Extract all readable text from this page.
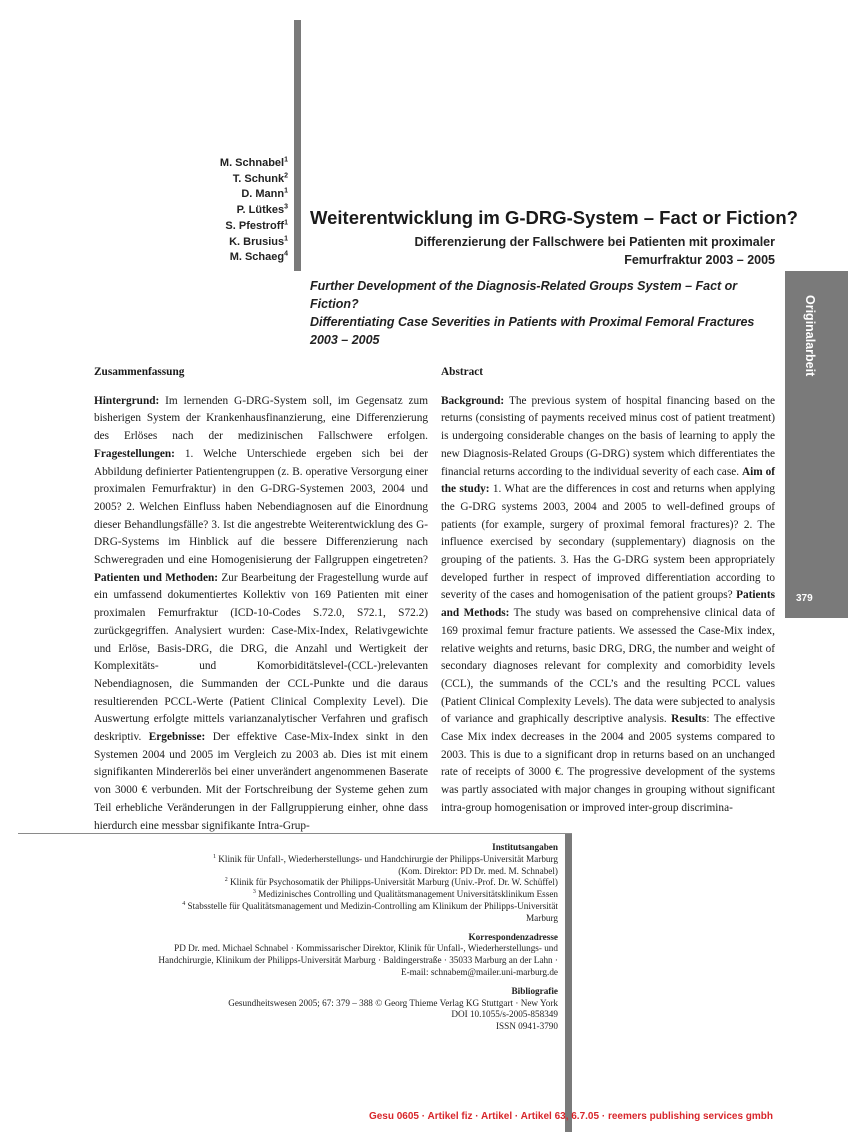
M. Schnabel$^1$
T. Schunk$^2$
D. Mann$^1$
P. Lütkes$^3$
S. Pfestroff$^1$
K. Brusius$^1$
M. Schaeg$^4$
Weiterentwicklung im G-DRG-System – Fact or Fiction?
Differenzierung der Fallschwere bei Patienten mit proximaler
Femurfraktur 2003 – 2005
Further Development of the Diagnosis-Related Groups System – Fact or Fiction?
Differentiating Case Severities in Patients with Proximal Femoral Fractures
2003 – 2005	Originalarbeit
379
Zusammenfassung

Hintergrund: Im lernenden G-DRG-System soll, im Gegensatz zum bisherigen System der Krankenhausfinanzierung, eine Differenzierung des Erlöses nach der medizinischen Fallschwere erfolgen. Fragestellungen: 1. Welche Unterschiede ergeben sich bei der Abbildung definierter Patientengruppen (z. B. operative Versorgung einer proximalen Femurfraktur) in den G-DRG-Systemen 2003, 2004 und 2005? 2. Welchen Einfluss haben Nebendiagnosen auf die Einordnung dieser Behandlungsfälle? 3. Ist die angestrebte Weiterentwicklung des G-DRG-Systems im Hinblick auf die bessere Differenzierung nach Schweregraden und eine Homogenisierung der Fallgruppen eingetreten? Patienten und Methoden: Zur Bearbeitung der Fragestellung wurde auf ein umfassend dokumentiertes Kollektiv von 169 Patienten mit einer proximalen Femurfraktur (ICD-10-Codes S.72.0, S72.1, S72.2) zurückgegriffen. Analysiert wurden: Case-Mix-Index, Relativgewichte und Erlöse, Basis-DRG, die DRG, die Anzahl und Wertigkeit der Komplexitäts- und Komorbiditätslevel-(CCL-)relevanten Nebendiagnosen, die Summanden der CCL-Punkte und die daraus resultierenden PCCL-Werte (Patient Clinical Complexity Level). Die Auswertung erfolgte mittels varianzanalytischer Verfahren und grafisch deskriptiv. Ergebnisse: Der effektive Case-Mix-Index sinkt in den Systemen 2004 und 2005 im Vergleich zu 2003 ab. Dies ist mit einem signifikanten Mindererlös bei einer unverändert angenommenen Baserate von 3000 € verbunden. Mit der Fortschreibung der Systeme gehen zum Teil erhebliche Veränderungen in der Fallgruppierung einher, ohne dass hierdurch eine messbar signifikante Intra-Grup-

Abstract

Background: The previous system of hospital financing based on the returns (consisting of payments received minus cost of patient treatment) is undergoing considerable changes on the basis of learning to apply the new Diagnosis-Related Groups (G-DRG) system which differentiates the financial returns according to the individual severity of each case. Aim of the study: 1. What are the differences in cost and returns when applying the G-DRG systems 2003, 2004 and 2005 to well-defined groups of patients (for example, surgery of proximal femoral fractures)? 2. The influence exercised by secondary (supplementary) diagnosis on the grouping of the patients. 3. Has the G-DRG system been appropriately developed further in respect of improved differentiation according to severity of the cases and homogenisation of the patient groups? Patients and Methods: The study was based on comprehensive clinical data of 169 proximal femur fracture patients. We assessed the Case-Mix index, relative weights and returns, basic DRG, DRG, the number and weight of secondary diagnoses relevant for complexity and comorbidity levels (CCL), the summands of the CCL’s and the resulting PCCL values (Patient Clinical Complexity Levels). The data were subjected to analysis of variance and graphically descriptive analysis. Results: The effective Case Mix index decreases in the 2004 and 2005 systems compared to 2003. This is due to a significant drop in returns based on an unchanged rate of receipts of 3000 €. The progressive development of the systems was partly associated with major changes in grouping without significant intra-group homogenisation or improved inter-group discrimina-

Institutsangaben
$^1$ Klinik für Unfall-, Wiederherstellungs- und Handchirurgie der Philipps-Universität Marburg
(Kom. Direktor: PD Dr. med. M. Schnabel)
$^2$ Klinik für Psychosomatik der Philipps-Universität Marburg (Univ.-Prof. Dr. W. Schüffel)
$^3$ Medizinisches Controlling und Qualitätsmanagement Universitätsklinikum Essen
$^4$ Stabsstelle für Qualitätsmanagement und Medizin-Controlling am Klinikum der Philipps-Universität
Marburg
Korrespondenzadresse
PD Dr. med. Michael Schnabel · Kommissarischer Direktor, Klinik für Unfall-, Wiederherstellungs- und
Handchirurgie, Klinikum der Philipps-Universität Marburg · Baldingerstraße · 35033 Marburg an der Lahn ·
E-mail: schnabem@mailer.uni-marburg.de
Bibliografie
Gesundheitswesen 2005; 67: 379 – 388 © Georg Thieme Verlag KG Stuttgart · New York
DOI 10.1055/s-2005-858349
ISSN 0941-3790
Gesu 0605 · Artikel fiz · Artikel · Artikel 63, 6.7.05 · reemers publishing services gmbh
